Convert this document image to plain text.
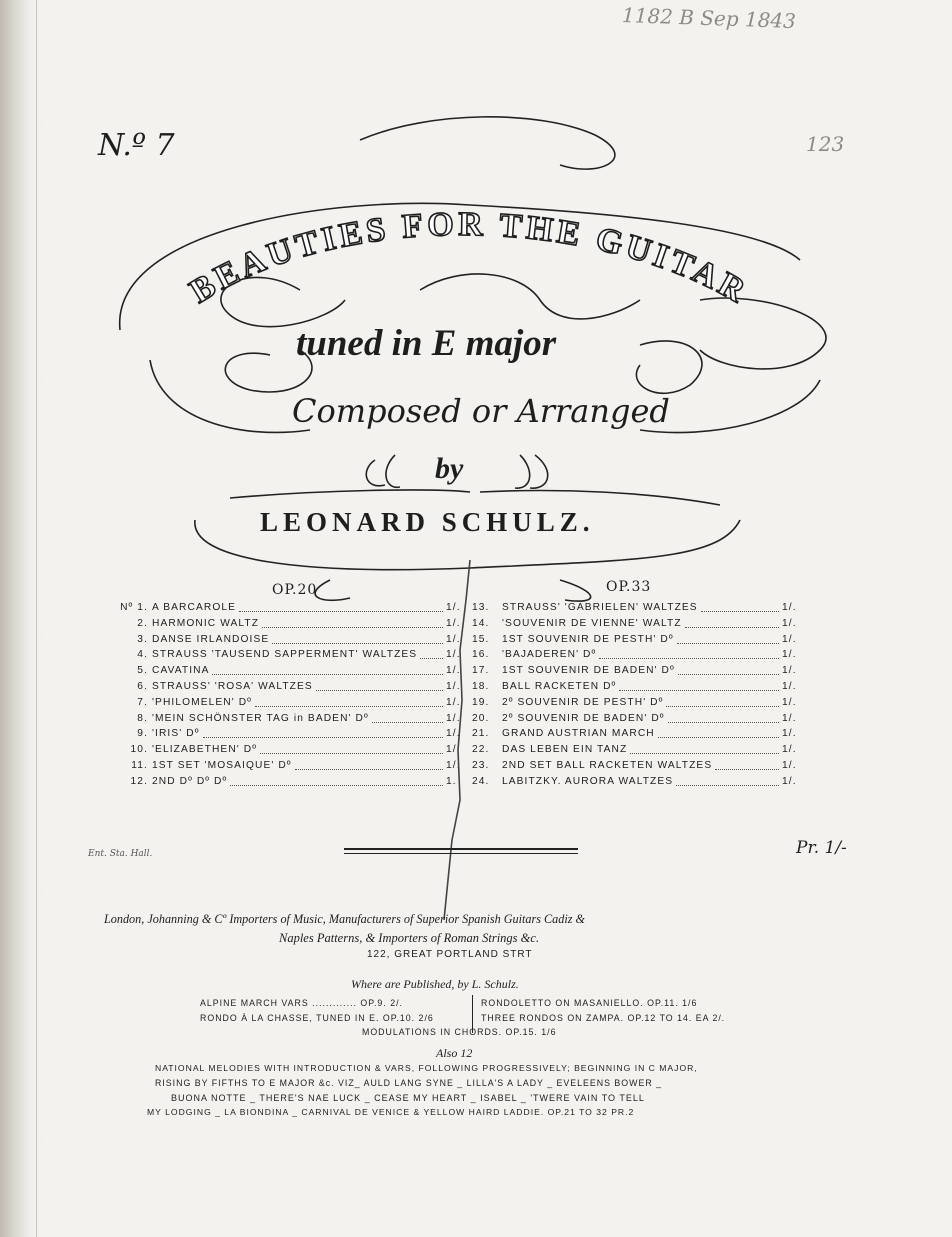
1182 B Sep 1843
123
N.º 7
BEAUTIES FOR THE GUITAR
tuned in E major
Composed or Arranged
by
LEONARD SCHULZ.
OP.20	OP.33
Nº 1. A BARCAROLE	1/.
2. HARMONIC WALTZ	1/.
3. DANSE IRLANDOISE	1/.
4. STRAUSS 'TAUSEND SAPPERMENT' WALTZES	1/.
5. CAVATINA	1/.
6. STRAUSS' 'ROSA' WALTZES	1/.
7. 'PHILOMELEN' Dº	1/.
8. 'MEIN SCHÖNSTER TAG in BADEN' Dº	1/.
9. 'IRIS' Dº	1/.
10. 'ELIZABETHEN' Dº	1/.
11. 1ST SET 'MOSAIQUE' Dº	1/.
12. 2ND Dº Dº Dº	1.
13. STRAUSS' 'GABRIELEN' WALTZES	1/.
14. 'SOUVENIR DE VIENNE' WALTZ	1/.
15. 1ST SOUVENIR DE PESTH' Dº	1/.
16. 'BAJADEREN' Dº	1/.
17. 1ST SOUVENIR DE BADEN' Dº	1/.
18. BALL RACKETEN Dº	1/.
19. 2º SOUVENIR DE PESTH' Dº	1/.
20. 2º SOUVENIR DE BADEN' Dº	1/.
21. GRAND AUSTRIAN MARCH	1/.
22. DAS LEBEN EIN TANZ	1/.
23. 2ND SET BALL RACKETEN WALTZES	1/.
24. LABITZKY. AURORA WALTZES	1/.
Ent. Sta. Hall.	Pr. 1/-
London, Johanning & Cº Importers of Music, Manufacturers of Superior Spanish Guitars Cadiz &
Naples Patterns, & Importers of Roman Strings &c.
122, GREAT PORTLAND STRT
Where are Published, by L. Schulz.
ALPINE MARCH VARS ............. OP.9. 2/.
RONDO À LA CHASSE, TUNED IN E. OP.10. 2/6
RONDOLETTO ON MASANIELLO. OP.11. 1/6
THREE RONDOS ON ZAMPA. OP.12 TO 14. EA 2/.
MODULATIONS IN CHORDS. OP.15. 1/6
Also 12
NATIONAL MELODIES WITH INTRODUCTION & VARS, FOLLOWING PROGRESSIVELY; BEGINNING IN C MAJOR,
RISING BY FIFTHS TO E MAJOR &c. VIZ_ AULD LANG SYNE _ LILLA'S A LADY _ EVELEENS BOWER _
BUONA NOTTE _ THERE'S NAE LUCK _ CEASE MY HEART _ ISABEL _ 'TWERE VAIN TO TELL
MY LODGING _ LA BIONDINA _ CARNIVAL DE VENICE & YELLOW HAIRD LADDIE. OP.21 TO 32 PR.2
